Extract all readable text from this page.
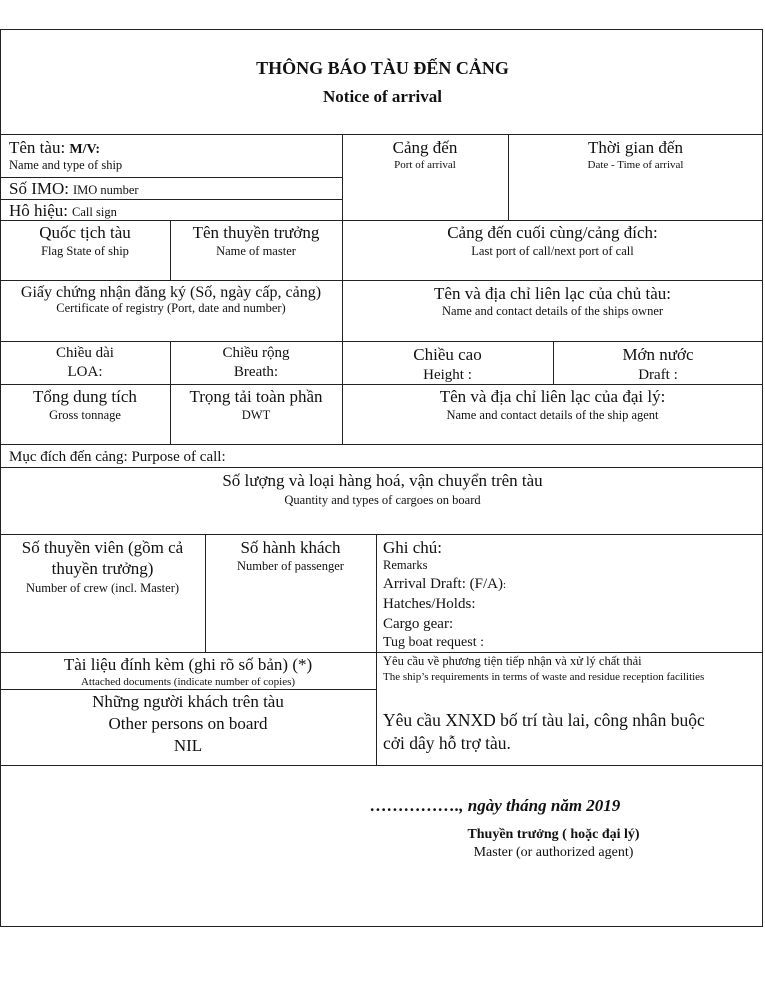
THÔNG BÁO TÀU ĐẾN CẢNG
Notice of arrival
Tên tàu: M/V:
Name and type of ship
Số IMO: IMO number
Hô hiệu: Call sign
Cảng đến
Port of arrival
Thời gian đến
Date - Time of arrival
Quốc tịch tàu
Flag State of ship
Tên thuyền trưởng
Name of master
Cảng đến cuối cùng/cảng đích:
Last port of call/next port of call
Giấy chứng nhận đăng ký (Số, ngày cấp, cảng)
Certificate of registry (Port, date and number)
Tên và địa chỉ liên lạc của chủ tàu:
Name and contact details of the ships owner
Chiều dài
LOA:
Chiều rộng
Breath:
Chiều cao
Height :
Mớn nước
Draft :
Tổng dung tích
Gross tonnage
Trọng tải toàn phần
DWT
Tên và địa chỉ liên lạc của đại lý:
Name and contact details of the ship agent
Mục đích đến cảng: Purpose of call:
Số lượng và loại hàng hoá, vận chuyển trên tàu
Quantity and types of cargoes on board
Số thuyền viên (gồm cả
thuyền trưởng)
Number of crew (incl. Master)
Số hành khách
Number of passenger
Ghi chú:
Remarks
Arrival Draft: (F/A):
Hatches/Holds:
Cargo gear:
Tug boat request :
Tài liệu đính kèm (ghi rõ số bản) (*)
Attached documents (indicate number of copies)
Yêu cầu về phương tiện tiếp nhận và xử lý chất thải
The ship’s requirements in terms of waste and residue reception facilities
Những người khách trên tàu
Other persons on board
NIL
Yêu cầu XNXD bố trí tàu lai, công nhân buộc
cởi dây hỗ trợ tàu.
……………., ngày tháng năm 2019
Thuyền trưởng ( hoặc đại lý)
Master (or authorized agent)
